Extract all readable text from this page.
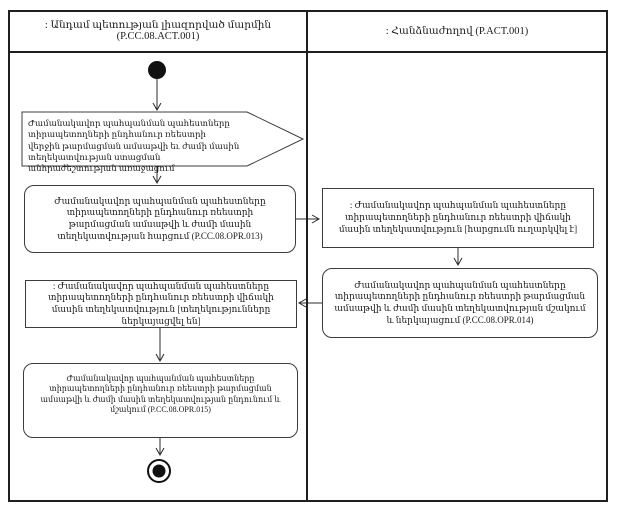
: Անդամ պետության լիազորված մարմին (P.CC.08.ACT.001)	: Հանձնաժողով (P.ACT.001)
Ժամանակավոր պահպանման պահեստները տիրապետողների ընդհանուր ռեեստրի վերջին թարմացման ամսաթվի եւ ժամի մասին տեղեկատվության ստացման անհրաժեշտության առաջացում
Ժամանակավոր պահպանման պահեստները տիրապետողների ընդհանուր ռեեստրի թարմացման ամսաթվի և ժամի մասին տեղեկատվության հարցում (P.CC.08.OPR.013)
: Ժամանակավոր պահպանման պահեստները տիրապետողների ընդհանուր ռեեստրի վիճակի մասին տեղեկատվություն [հարցումն ուղարկվել է]
Ժամանակավոր պահպանման պահեստները տիրապետողների ընդհանուր ռեեստրի թարմացման ամսաթվի և ժամի մասին տեղեկատվության մշակում և ներկայացում (P.CC.08.OPR.014)
: Ժամանակավոր պահպանման պահեստները տիրապետողների ընդհանուր ռեեստրի վիճակի մասին տեղեկատվություն [տեղեկությունները ներկայացվել են]
Ժամանակավոր պահպանման պահեստները տիրապետողների ընդհանուր ռեեստրի թարմացման ամսաթվի և ժամի մասին տեղեկատվության ընդունում և մշակում (P.CC.08.OPR.015)
